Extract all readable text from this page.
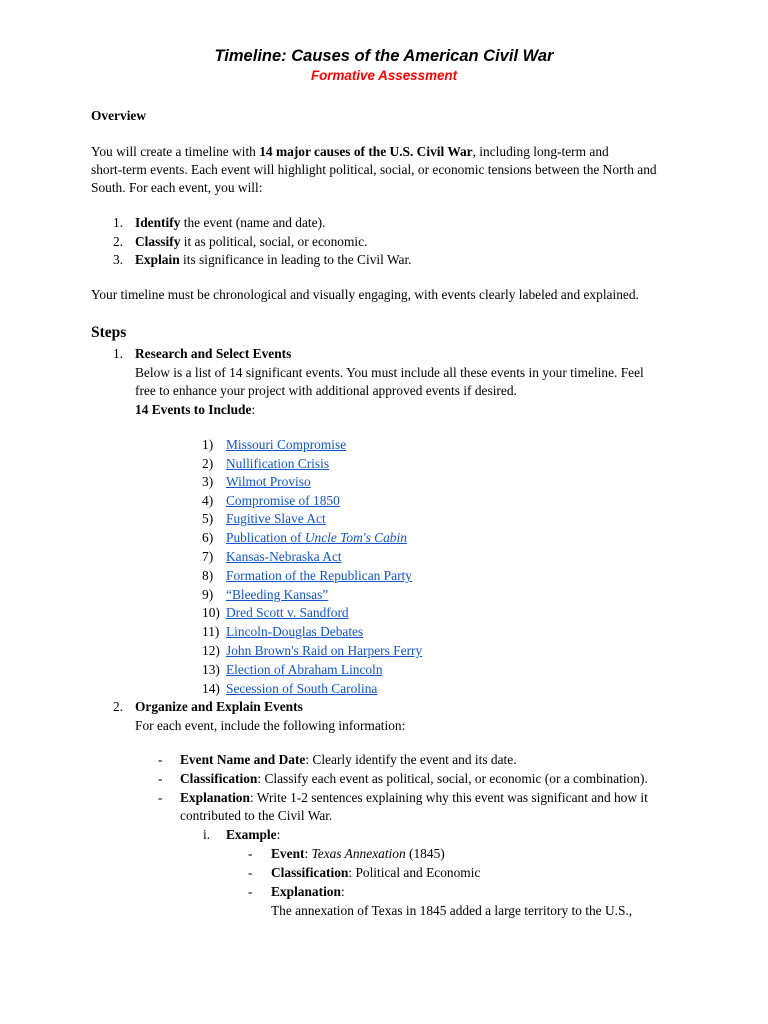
Timeline: Causes of the American Civil War
Formative Assessment
Overview
You will create a timeline with 14 major causes of the U.S. Civil War, including long-term and
short-term events. Each event will highlight political, social, or economic tensions between the North and
South. For each event, you will:
1. Identify the event (name and date).
2. Classify it as political, social, or economic.
3. Explain its significance in leading to the Civil War.
Your timeline must be chronological and visually engaging, with events clearly labeled and explained.
Steps
1. Research and Select Events
Below is a list of 14 significant events. You must include all these events in your timeline. Feel
free to enhance your project with additional approved events if desired.
14 Events to Include:
1) Missouri Compromise
2) Nullification Crisis
3) Wilmot Proviso
4) Compromise of 1850
5) Fugitive Slave Act
6) Publication of Uncle Tom's Cabin
7) Kansas-Nebraska Act
8) Formation of the Republican Party
9) “Bleeding Kansas”
10) Dred Scott v. Sandford
11) Lincoln-Douglas Debates
12) John Brown's Raid on Harpers Ferry
13) Election of Abraham Lincoln
14) Secession of South Carolina
2. Organize and Explain Events
For each event, include the following information:
- Event Name and Date: Clearly identify the event and its date.
- Classification: Classify each event as political, social, or economic (or a combination).
- Explanation: Write 1-2 sentences explaining why this event was significant and how it
contributed to the Civil War.
i. Example:
- Event: Texas Annexation (1845)
- Classification: Political and Economic
- Explanation:
The annexation of Texas in 1845 added a large territory to the U.S.,
